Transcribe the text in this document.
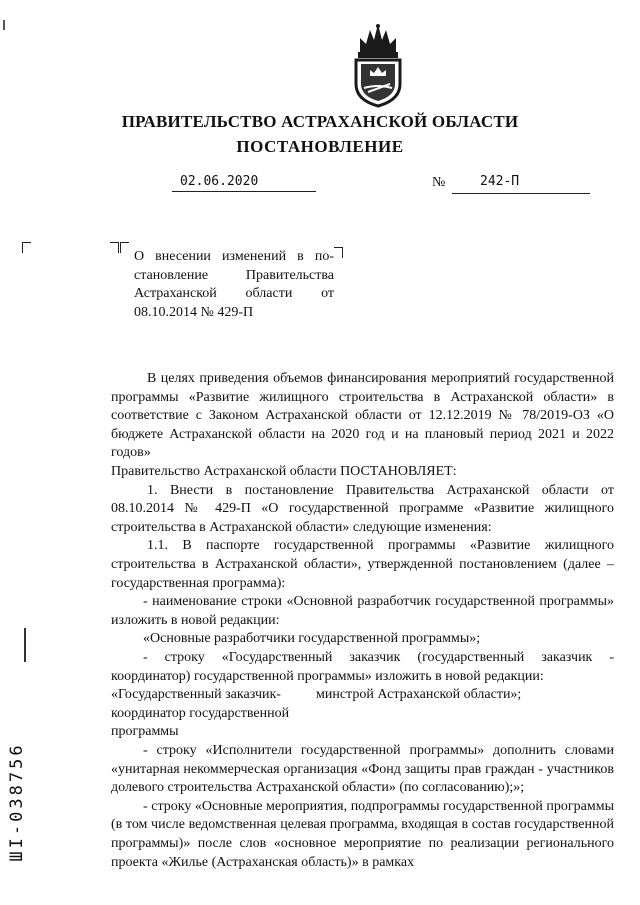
ПРАВИТЕЛЬСТВО АСТРАХАНСКОЙ ОБЛАСТИ
ПОСТАНОВЛЕНИЕ
02.06.2020	№	242-П
О внесении изменений в по-
становление Правительства
Астраханской области от
08.10.2014 № 429-П

В целях приведения объемов финансирования мероприятий государственной программы «Развитие жилищного строительства в Астраханской области» в соответствие с Законом Астраханской области от 12.12.2019 № 78/2019-ОЗ «О бюджете Астраханской области на 2020 год и на плановый период 2021 и 2022 годов»

Правительство Астраханской области ПОСТАНОВЛЯЕТ:

1. Внести в постановление Правительства Астраханской области от 08.10.2014 № 429-П «О государственной программе «Развитие жилищного строительства в Астраханской области» следующие изменения:

1.1. В паспорте государственной программы «Развитие жилищного строительства в Астраханской области», утвержденной постановлением (далее – государственная программа):

- наименование строки «Основной разработчик государственной программы» изложить в новой редакции:

«Основные разработчики государственной программы»;

- строку «Государственный заказчик (государственный заказчик - координатор) государственной программы» изложить в новой редакции:

«Государственный заказчик-координатор государственной программы
минстрой Астраханской области»;

- строку «Исполнители государственной программы» дополнить словами «унитарная некоммерческая организация «Фонд защиты прав граждан - участников долевого строительства Астраханской области» (по согласованию);»;

- строку «Основные мероприятия, подпрограммы государственной программы (в том числе ведомственная целевая программа, входящая в состав государственной программы)» после слов «основное мероприятие по реализации регионального проекта «Жилье (Астраханская область)» в рамках

ШI-038756
